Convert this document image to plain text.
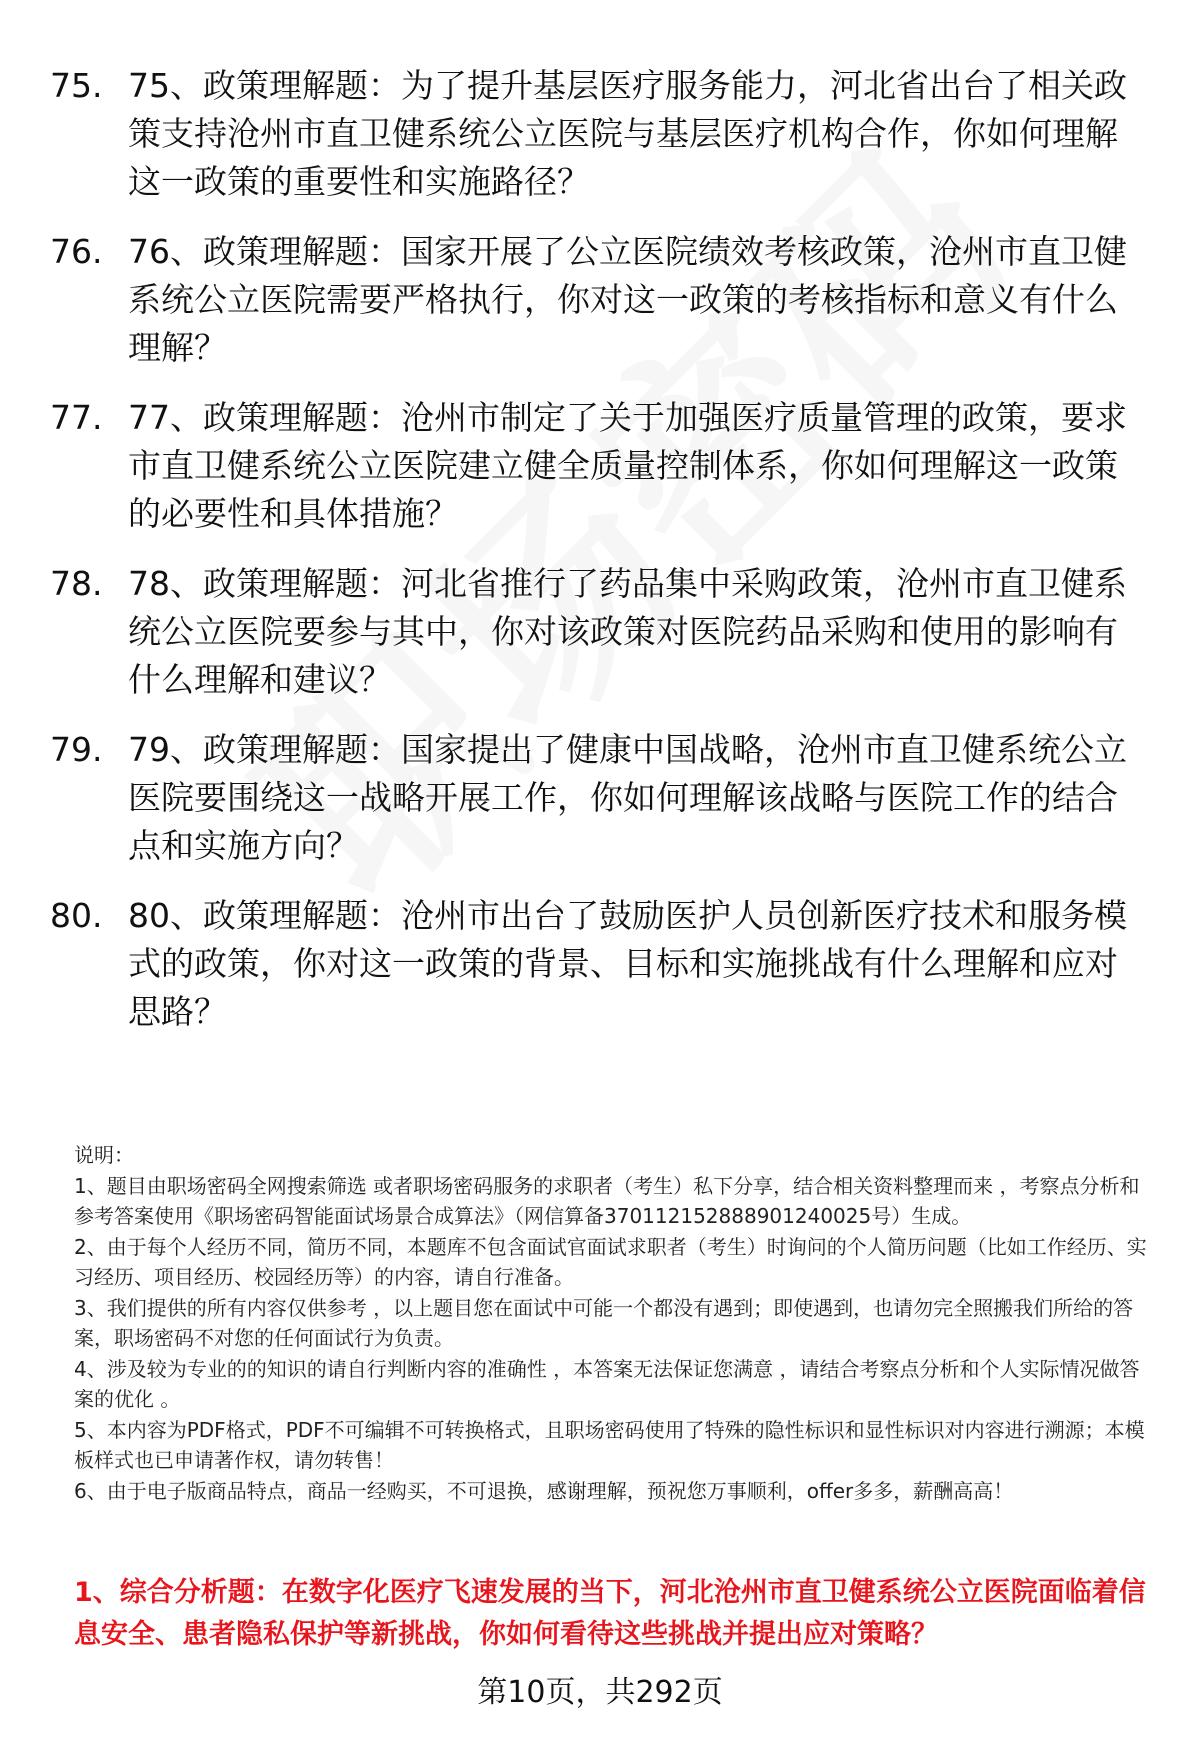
75. 75、政策理解题：为了提升基层医疗服务能力，河北省出台了相关政策支持沧州市直卫健系统公立医院与基层医疗机构合作，你如何理解这一政策的重要性和实施路径？
76. 76、政策理解题：国家开展了公立医院绩效考核政策，沧州市直卫健系统公立医院需要严格执行，你对这一政策的考核指标和意义有什么理解？
77. 77、政策理解题：沧州市制定了关于加强医疗质量管理的政策，要求市直卫健系统公立医院建立健全质量控制体系，你如何理解这一政策的必要性和具体措施？
78. 78、政策理解题：河北省推行了药品集中采购政策，沧州市直卫健系统公立医院要参与其中，你对该政策对医院药品采购和使用的影响有什么理解和建议？
79. 79、政策理解题：国家提出了健康中国战略，沧州市直卫健系统公立医院要围绕这一战略开展工作，你如何理解该战略与医院工作的结合点和实施方向？
80. 80、政策理解题：沧州市出台了鼓励医护人员创新医疗技术和服务模式的政策，你对这一政策的背景、目标和实施挑战有什么理解和应对思路？

说明：

1、题目由职场密码全网搜索筛选 或者职场密码服务的求职者（考生）私下分享，结合相关资料整理而来 ，考察点分析和参考答案使用《职场密码智能面试场景合成算法》（网信算备370112152888901240025号）生成。

2、由于每个人经历不同，简历不同，本题库不包含面试官面试求职者（考生）时询问的个人简历问题（比如工作经历、实习经历、项目经历、校园经历等）的内容，请自行准备。

3、我们提供的所有内容仅供参考 ，以上题目您在面试中可能一个都没有遇到；即使遇到，也请勿完全照搬我们所给的答案，职场密码不对您的任何面试行为负责。

4、涉及较为专业的的知识的请自行判断内容的准确性 ，本答案无法保证您满意 ，请结合考察点分析和个人实际情况做答案的优化 。

5、本内容为PDF格式，PDF不可编辑不可转换格式，且职场密码使用了特殊的隐性标识和显性标识对内容进行溯源；本模板样式也已申请著作权，请勿转售！

6、由于电子版商品特点，商品一经购买，不可退换，感谢理解，预祝您万事顺利，offer多多，薪酬高高！

1、综合分析题：在数字化医疗飞速发展的当下，河北沧州市直卫健系统公立医院面临着信息安全、患者隐私保护等新挑战，你如何看待这些挑战并提出应对策略？
第10页，共292页
